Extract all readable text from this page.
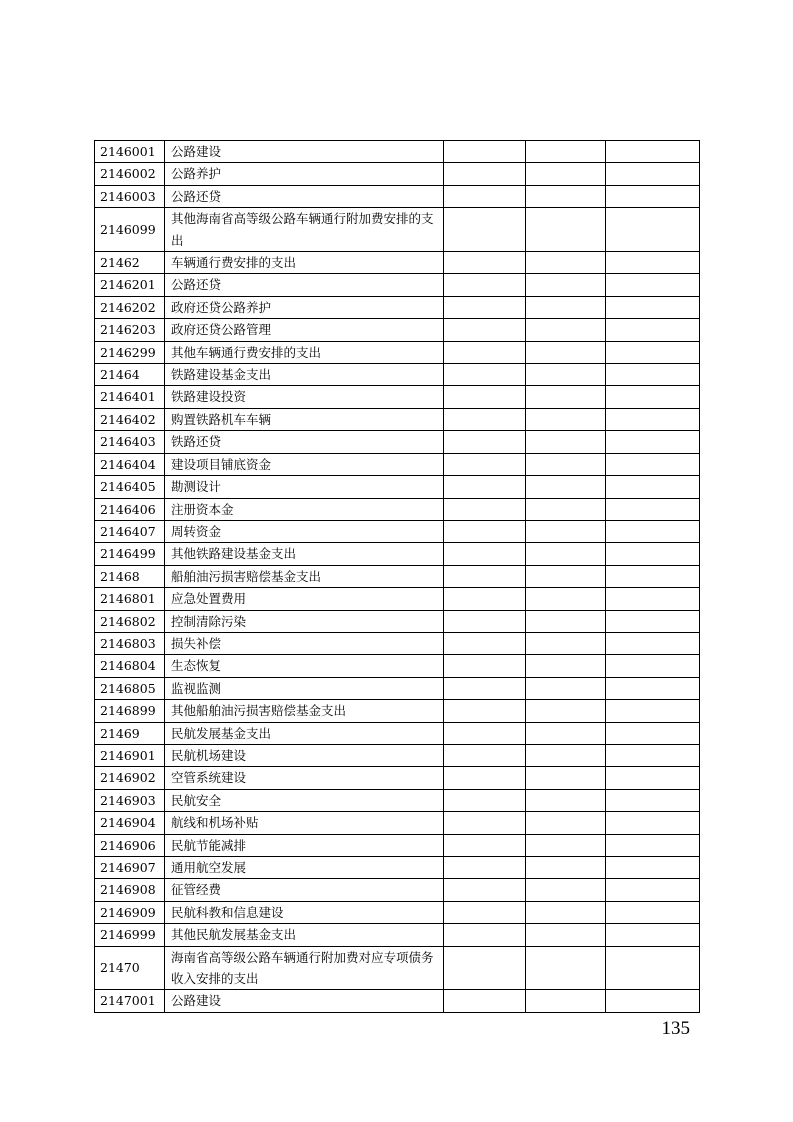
2146001	公路建设			
2146002	公路养护			
2146003	公路还贷			
2146099	其他海南省高等级公路车辆通行附加费安排的支出			
21462	车辆通行费安排的支出			
2146201	公路还贷			
2146202	政府还贷公路养护			
2146203	政府还贷公路管理			
2146299	其他车辆通行费安排的支出			
21464	铁路建设基金支出			
2146401	铁路建设投资			
2146402	购置铁路机车车辆			
2146403	铁路还贷			
2146404	建设项目铺底资金			
2146405	勘测设计			
2146406	注册资本金			
2146407	周转资金			
2146499	其他铁路建设基金支出			
21468	船舶油污损害赔偿基金支出			
2146801	应急处置费用			
2146802	控制清除污染			
2146803	损失补偿			
2146804	生态恢复			
2146805	监视监测			
2146899	其他船舶油污损害赔偿基金支出			
21469	民航发展基金支出			
2146901	民航机场建设			
2146902	空管系统建设			
2146903	民航安全			
2146904	航线和机场补贴			
2146906	民航节能减排			
2146907	通用航空发展			
2146908	征管经费			
2146909	民航科教和信息建设			
2146999	其他民航发展基金支出			
21470	海南省高等级公路车辆通行附加费对应专项债务收入安排的支出			
2147001	公路建设			
135
